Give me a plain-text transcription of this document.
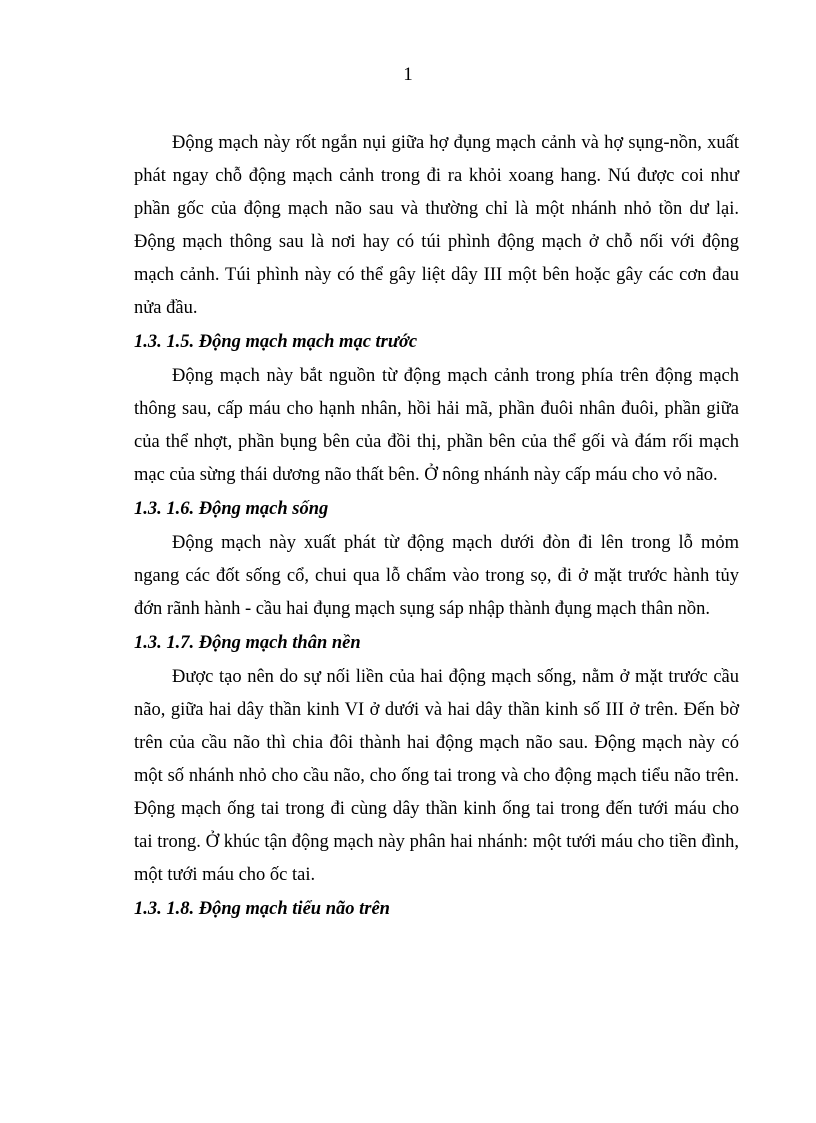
1

Động mạch này rốt ngắn nụi giữa hợ đụng mạch cảnh và hợ sụng-nồn, xuất phát ngay chỗ động mạch cảnh trong đi ra khỏi xoang hang. Nú được coi như phần gốc của động mạch não sau và thường chỉ là một nhánh nhỏ tồn dư lại. Động mạch thông sau là nơi hay có túi phình động mạch ở chỗ nối với động mạch cảnh. Túi phình này có thể gây liệt dây III một bên hoặc gây các cơn đau nửa đầu.

1.3. 1.5. Động mạch mạch mạc trước

Động mạch này bắt nguồn từ động mạch cảnh trong phía trên động mạch thông sau, cấp máu cho hạnh nhân, hồi hải mã, phần đuôi nhân đuôi, phần giữa của thể nhợt, phần bụng bên của đồi thị, phần bên của thể gối và đám rối mạch mạc của sừng thái dương não thất bên. Ở nông nhánh này cấp máu cho vỏ não.

1.3. 1.6. Động mạch sống

Động mạch này xuất phát từ động mạch dưới đòn đi lên trong lỗ mỏm ngang các đốt sống cổ, chui qua lỗ chẩm vào trong sọ, đi ở mặt trước hành tủy đớn rãnh hành - cầu hai đụng mạch sụng sáp nhập thành đụng mạch thân nồn.

1.3. 1.7. Động mạch thân nền

Được tạo nên do sự nối liền của hai động mạch sống, nằm ở mặt trước cầu não, giữa hai dây thần kinh VI ở dưới và hai dây thần kinh số III ở trên. Đến bờ trên của cầu não thì chia đôi thành hai động mạch não sau. Động mạch này có một số nhánh nhỏ cho cầu não, cho ống tai trong và cho động mạch tiểu não trên. Động mạch ống tai trong đi cùng dây thần kinh ống tai trong đến tưới máu cho tai trong. Ở khúc tận động mạch này phân hai nhánh: một tưới máu cho tiền đình, một tưới máu cho ốc tai.

1.3. 1.8. Động mạch tiểu não trên
